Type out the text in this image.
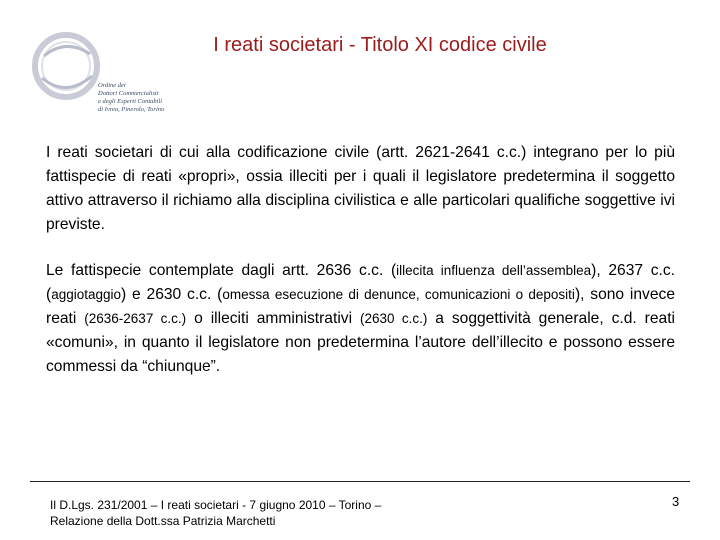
Ordine dei
Dottori Commercialisti
e degli Esperti Contabili
di Ivrea, Pinerolo, Torino
I reati societari - Titolo XI codice civile
I reati societari di cui alla codificazione civile (artt. 2621-2641 c.c.) integrano per lo più fattispecie di reati «propri», ossia illeciti per i quali il legislatore predetermina il soggetto attivo attraverso il richiamo alla disciplina civilistica e alle particolari qualifiche soggettive ivi previste.
Le fattispecie contemplate dagli artt. 2636 c.c. (illecita influenza dell’assemblea), 2637 c.c. (aggiotaggio) e 2630 c.c. (omessa esecuzione di denunce, comunicazioni o depositi), sono invece reati (2636-2637 c.c.) o illeciti amministrativi (2630 c.c.) a soggettività generale, c.d. reati «comuni», in quanto il legislatore non predetermina l’autore dell’illecito e possono essere commessi da “chiunque”.
Il D.Lgs. 231/2001 – I reati societari - 7 giugno 2010 – Torino –
Relazione della Dott.ssa Patrizia Marchetti
3
